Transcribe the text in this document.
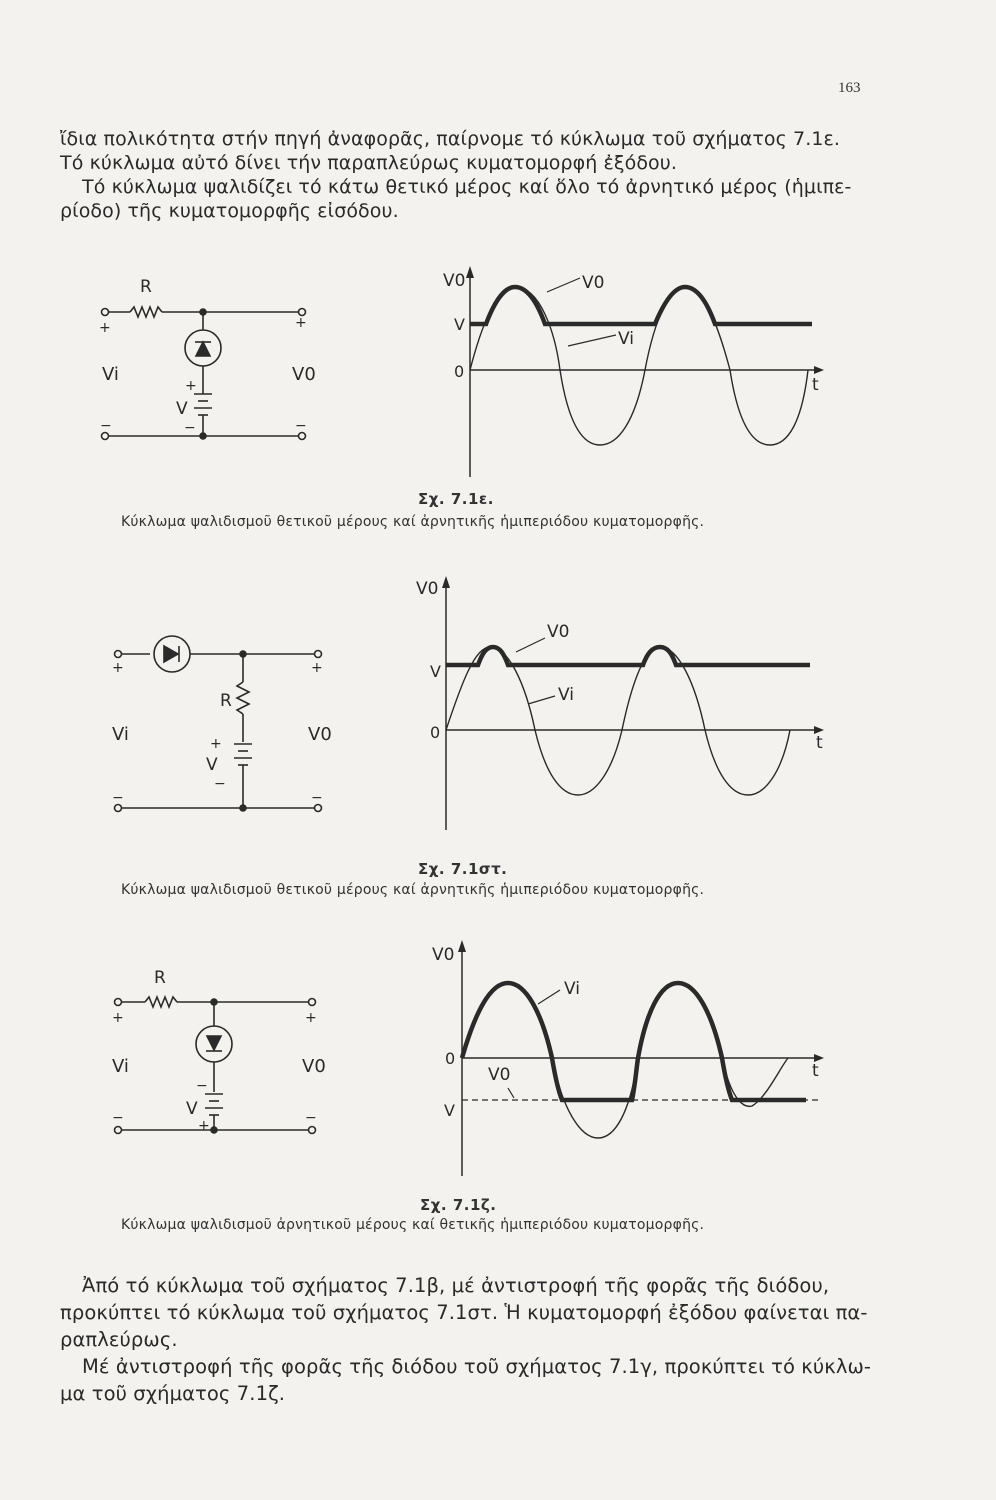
163
ἴδια πολικότητα στήν πηγή ἀναφορᾶς, παίρνομε τό κύκλωμα τοῦ σχήματος 7.1ε.
Τό κύκλωμα αὐτό δίνει τήν παραπλεύρως κυματομορφή ἐξόδου.
Τό κύκλωμα ψαλιδίζει τό κάτω θετικό μέρος καί ὅλο τό ἀρνητικό μέρος (ἡμιπε-
ρίοδο) τῆς κυματομορφῆς εἰσόδου.
R
+	+
Vi	V0
+
V
−
−	−
V0	V0
Vi
V
0
t
Σχ. 7.1ε.
Κύκλωμα ψαλιδισμοῦ θετικοῦ μέρους καί ἀρνητικῆς ἡμιπεριόδου κυματομορφῆς.
+	+
R
Vi	V0
+
V
−
−	−
V0
V0
Vi
V
0
t
Σχ. 7.1στ.
Κύκλωμα ψαλιδισμοῦ θετικοῦ μέρους καί ἀρνητικῆς ἡμιπεριόδου κυματομορφῆς.
R
+	+
Vi	V0
−
V
+
−	−
V0
Vi
V0
0
V
t
Σχ. 7.1ζ.
Κύκλωμα ψαλιδισμοῦ ἀρνητικοῦ μέρους καί θετικῆς ἡμιπεριόδου κυματομορφῆς.
Ἀπό τό κύκλωμα τοῦ σχήματος 7.1β, μέ ἀντιστροφή τῆς φορᾶς τῆς διόδου,
προκύπτει τό κύκλωμα τοῦ σχήματος 7.1στ. Ἡ κυματομορφή ἐξόδου φαίνεται πα-
ραπλεύρως.
Μέ ἀντιστροφή τῆς φορᾶς τῆς διόδου τοῦ σχήματος 7.1γ, προκύπτει τό κύκλω-
μα τοῦ σχήματος 7.1ζ.
